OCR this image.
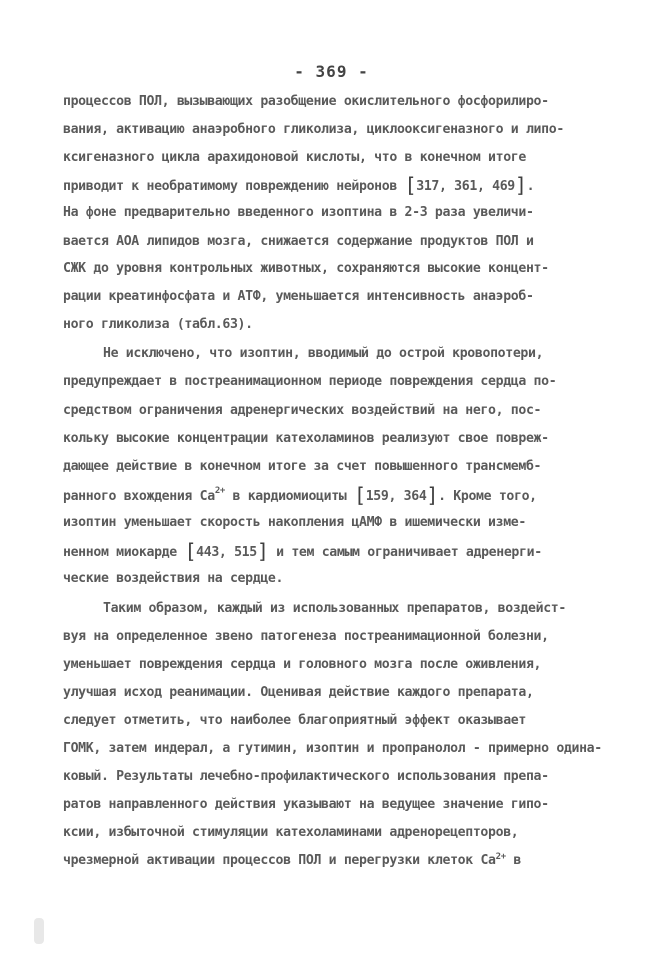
- 369 -
процессов ПОЛ, вызывающих разобщение окислительного фосфорилиро-
вания, активацию анаэробного гликолиза, циклооксигеназного и липо-
ксигеназного цикла арахидоновой кислоты, что в конечном итоге
приводит к необратимому повреждению нейронов [317, 361, 469].
На фоне предварительно введенного изоптина в 2-3 раза увеличи-
вается АОА липидов мозга, снижается содержание продуктов ПОЛ и
СЖК до уровня контрольных животных, сохраняются высокие концент-
рации креатинфосфата и АТФ, уменьшается интенсивность анаэроб-
ного гликолиза (табл.63).
Не исключено, что изоптин, вводимый до острой кровопотери,
предупреждает в постреанимационном периоде повреждения сердца по-
средством ограничения адренергических воздействий на него, пос-
кольку высокие концентрации катехоламинов реализуют свое повреж-
дающее действие в конечном итоге за счет повышенного трансмемб-
ранного вхождения $Ca^{2+}$ в кардиомиоциты [159, 364]. Кроме того,
изоптин уменьшает скорость накопления цАМФ в ишемически изме-
ненном миокарде [443, 515] и тем самым ограничивает адренерги-
ческие воздействия на сердце.
Таким образом, каждый из использованных препаратов, воздейст-
вуя на определенное звено патогенеза постреанимационной болезни,
уменьшает повреждения сердца и головного мозга после оживления,
улучшая исход реанимации. Оценивая действие каждого препарата,
следует отметить, что наиболее благоприятный эффект оказывает
ГОМК, затем индерал, а гутимин, изоптин и пропранолол - примерно одина-
ковый. Результаты лечебно-профилактического использования препа-
ратов направленного действия указывают на ведущее значение гипо-
ксии, избыточной стимуляции катехоламинами адренорецепторов,
чрезмерной активации процессов ПОЛ и перегрузки клеток $Ca^{2+}$ в
